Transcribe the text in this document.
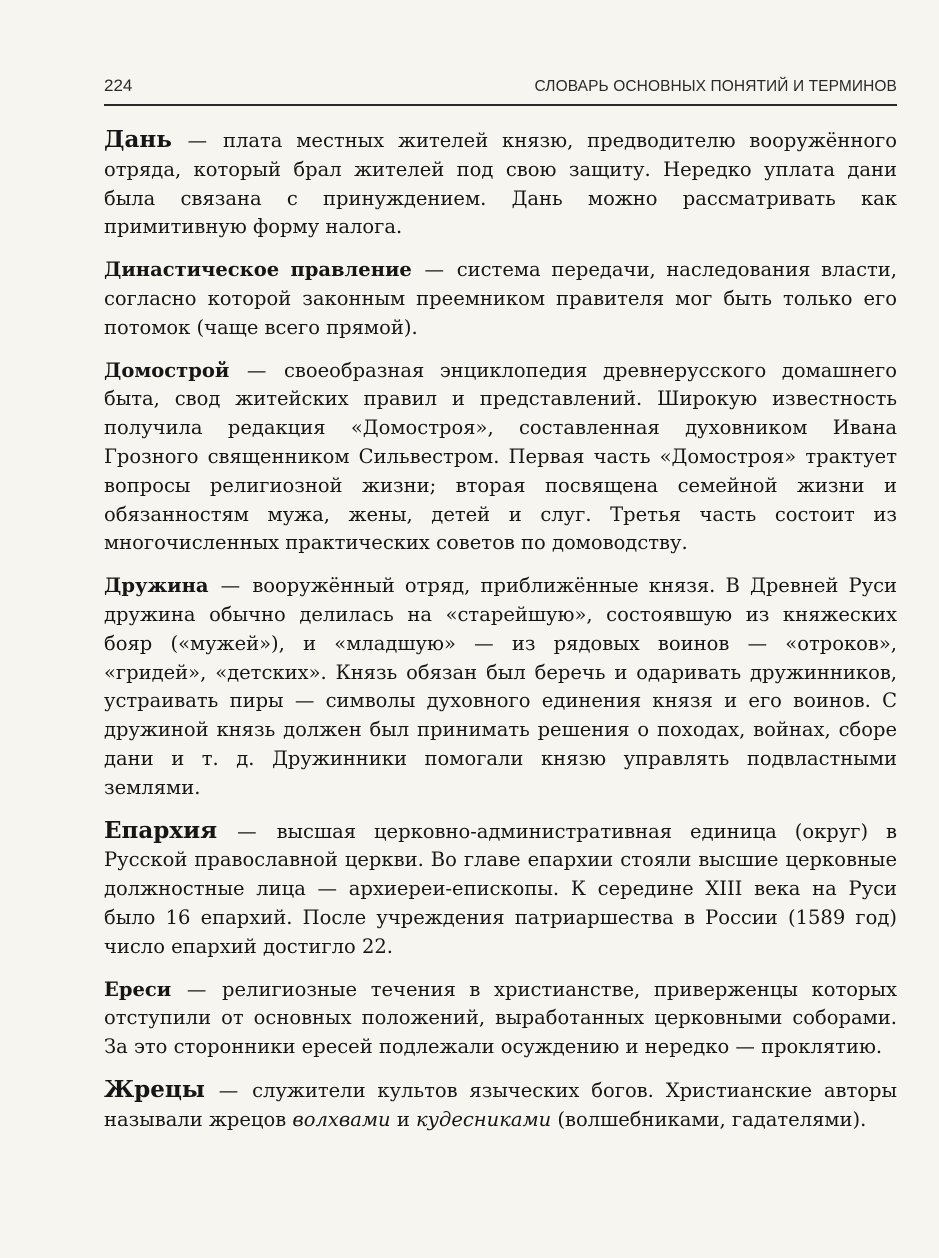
224	СЛОВАРЬ ОСНОВНЫХ ПОНЯТИЙ И ТЕРМИНОВ

Дань — плата местных жителей князю, предводителю вооружённого отряда, который брал жителей под свою защиту. Нередко уплата дани была связана с принуждением. Дань можно рассматривать как примитивную форму налога.

Династическое правление — система передачи, наследования власти, согласно которой законным преемником правителя мог быть только его потомок (чаще всего прямой).

Домострой — своеобразная энциклопедия древнерусского домашнего быта, свод житейских правил и представлений. Широкую известность получила редакция «Домостроя», составленная духовником Ивана Грозного священником Сильвестром. Первая часть «Домостроя» трактует вопросы религиозной жизни; вторая посвящена семейной жизни и обязанностям мужа, жены, детей и слуг. Третья часть состоит из многочисленных практических советов по домоводству.

Дружина — вооружённый отряд, приближённые князя. В Древней Руси дружина обычно делилась на «старейшую», состоявшую из княжеских бояр («мужей»), и «младшую» — из рядовых воинов — «отроков», «гридей», «детских». Князь обязан был беречь и одаривать дружинников, устраивать пиры — символы духовного единения князя и его воинов. С дружиной князь должен был принимать решения о походах, войнах, сборе дани и т. д. Дружинники помогали князю управлять подвластными землями.

Епархия — высшая церковно-административная единица (округ) в Русской православной церкви. Во главе епархии стояли высшие церковные должностные лица — архиереи-епископы. К середине XIII века на Руси было 16 епархий. После учреждения патриаршества в России (1589 год) число епархий достигло 22.

Ереси — религиозные течения в христианстве, приверженцы которых отступили от основных положений, выработанных церковными соборами. За это сторонники ересей подлежали осуждению и нередко — проклятию.

Жрецы — служители культов языческих богов. Христианские авторы называли жрецов волхвами и кудесниками (волшебниками, гадателями).
